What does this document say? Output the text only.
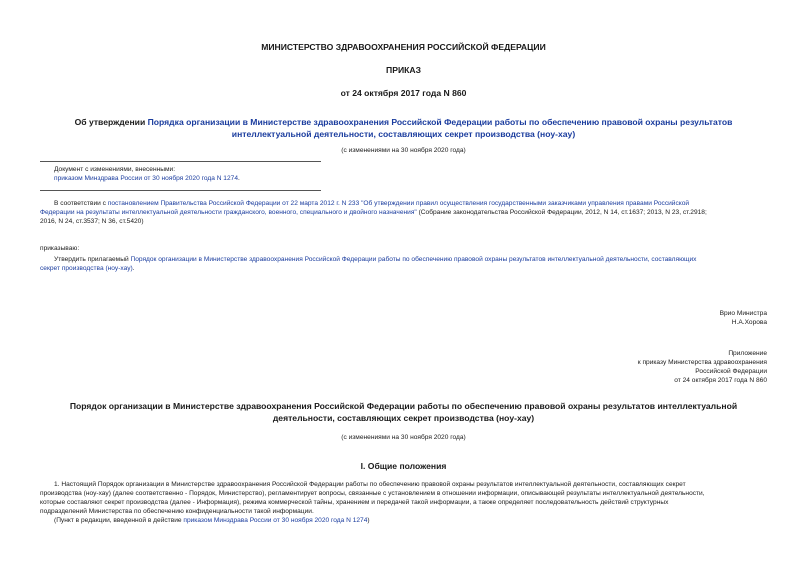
МИНИСТЕРСТВО ЗДРАВООХРАНЕНИЯ РОССИЙСКОЙ ФЕДЕРАЦИИ
ПРИКАЗ
от 24 октября 2017 года N 860
Об утверждении Порядка организации в Министерстве здравоохранения Российской Федерации работы по обеспечению правовой охраны результатов
интеллектуальной деятельности, составляющих секрет производства (ноу-хау)
(с изменениями на 30 ноября 2020 года)
Документ с изменениями, внесенными:
приказом Минздрава России от 30 ноября 2020 года N 1274.
В соответствии с постановлением Правительства Российской Федерации от 22 марта 2012 г. N 233 "Об утверждении правил осуществления государственными заказчиками управления правами Российской
Федерации на результаты интеллектуальной деятельности гражданского, военного, специального и двойного назначения" (Собрание законодательства Российской Федерации, 2012, N 14, ст.1637; 2013, N 23, ст.2918;
2016, N 24, ст.3537; N 36, ст.5420)
приказываю:
Утвердить прилагаемый Порядок организации в Министерстве здравоохранения Российской Федерации работы по обеспечению правовой охраны результатов интеллектуальной деятельности, составляющих
секрет производства (ноу-хау).
Врио Министра
Н.А.Хорова
Приложение
к приказу Министерства здравоохранения
Российской Федерации
от 24 октября 2017 года N 860
Порядок организации в Министерстве здравоохранения Российской Федерации работы по обеспечению правовой охраны результатов интеллектуальной
деятельности, составляющих секрет производства (ноу-хау)
(с изменениями на 30 ноября 2020 года)
I. Общие положения
1. Настоящий Порядок организации в Министерстве здравоохранения Российской Федерации работы по обеспечению правовой охраны результатов интеллектуальной деятельности, составляющих секрет
производства (ноу-хау) (далее соответственно - Порядок, Министерство), регламентирует вопросы, связанные с установлением в отношении информации, описывающей результаты интеллектуальной деятельности,
которые составляют секрет производства (далее - Информация), режима коммерческой тайны, хранением и передачей такой информации, а также определяет последовательность действий структурных
подразделений Министерства по обеспечению конфиденциальности такой информации.
(Пункт в редакции, введенной в действие приказом Минздрава России от 30 ноября 2020 года N 1274)
